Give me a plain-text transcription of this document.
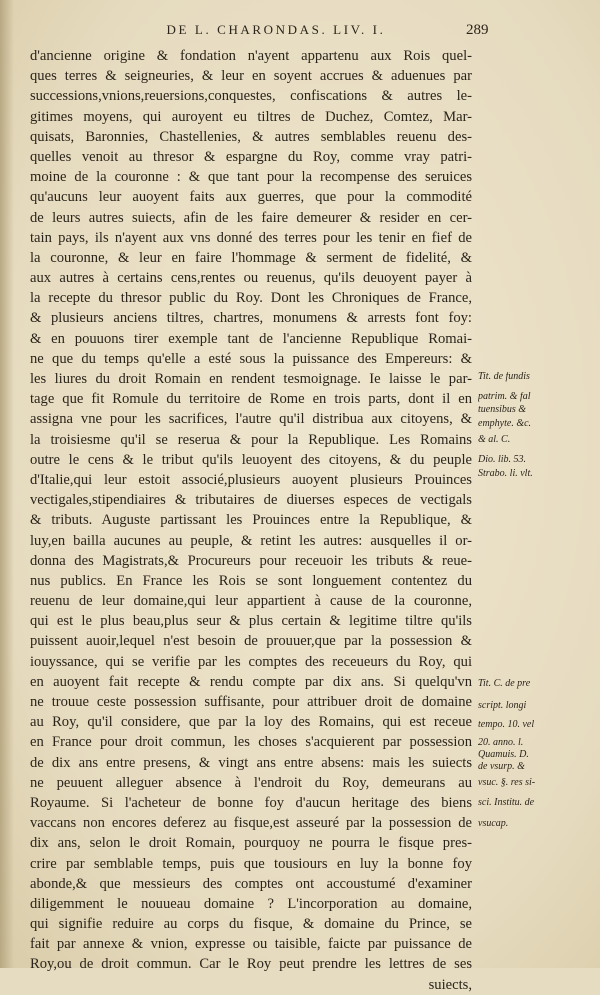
DE L. CHARONDAS. LIV. I.	289
d'ancienne origine & fondation n'ayent appartenu aux Rois quel-
ques terres & seigneuries, & leur en soyent accrues & aduenues par
successions,vnions,reuersions,conquestes, confiscations & autres le-
gitimes moyens, qui auroyent eu tiltres de Duchez, Comtez, Mar-
quisats, Baronnies, Chastellenies, & autres semblables reuenu des-
quelles venoit au thresor & espargne du Roy, comme vray patri-
moine de la couronne : & que tant pour la recompense des seruices
qu'aucuns leur auoyent faits aux guerres, que pour la commodité
de leurs autres suiects, afin de les faire demeurer & resider en cer-
tain pays, ils n'ayent aux vns donné des terres pour les tenir en fief de
la couronne, & leur en faire l'hommage & serment de fidelité, &
aux autres à certains cens,rentes ou reuenus, qu'ils deuoyent payer à
la recepte du thresor public du Roy. Dont les Chroniques de France,
& plusieurs anciens tiltres, chartres, monumens & arrests font foy:
& en pouuons tirer exemple tant de l'ancienne Republique Romai-
ne que du temps qu'elle a esté sous la puissance des Empereurs: &
les liures du droit Romain en rendent tesmoignage. Ie laisse le par-
tage que fit Romule du territoire de Rome en trois parts, dont il en
assigna vne pour les sacrifices, l'autre qu'il distribua aux citoyens, &
la troisiesme qu'il se reserua & pour la Republique. Les Romains
outre le cens & le tribut qu'ils leuoyent des citoyens, & du peuple
d'Italie,qui leur estoit associé,plusieurs auoyent plusieurs Prouinces
vectigales,stipendiaires & tributaires de diuerses especes de vectigals
& tributs. Auguste partissant les Prouinces entre la Republique, &
luy,en bailla aucunes au peuple, & retint les autres: ausquelles il or-
donna des Magistrats,& Procureurs pour receuoir les tributs & reue-
nus publics. En France les Rois se sont longuement contentez du
reuenu de leur domaine,qui leur appartient à cause de la couronne,
qui est le plus beau,plus seur & plus certain & legitime tiltre qu'ils
puissent auoir,lequel n'est besoin de prouuer,que par la possession &
iouyssance, qui se verifie par les comptes des receueurs du Roy, qui
en auoyent fait recepte & rendu compte par dix ans. Si quelqu'vn
ne trouue ceste possession suffisante, pour attribuer droit de domaine
au Roy, qu'il considere, que par la loy des Romains, qui est receue
en France pour droit commun, les choses s'acquierent par possession
de dix ans entre presens, & vingt ans entre absens: mais les suiects
ne peuuent alleguer absence à l'endroit du Roy, demeurans au
Royaume. Si l'acheteur de bonne foy d'aucun heritage des biens
vaccans non encores deferez au fisque,est asseuré par la possession de
dix ans, selon le droit Romain, pourquoy ne pourra le fisque pres-
crire par semblable temps, puis que tousiours en luy la bonne foy
abonde,& que messieurs des comptes ont accoustumé d'examiner
diligemment le nouueau domaine ? L'incorporation au domaine,
qui signifie reduire au corps du fisque, & domaine du Prince, se
fait par annexe & vnion, expresse ou taisible, faicte par puissance de
Roy,ou de droit commun. Car le Roy peut prendre les lettres de ses
suiects,
Tit. de fundis
patrim. & fal
tuensibus &
emphyte. &c.
& al. C.
Dio. lib. 53.
Strabo. li. vlt.
Tit. C. de pre
script. longi
tempo. 10. vel
20. anno. l.
Quamuis. D.
de vsurp. &
vsuc. §. res si-
sci. Institu. de
vsucap.
